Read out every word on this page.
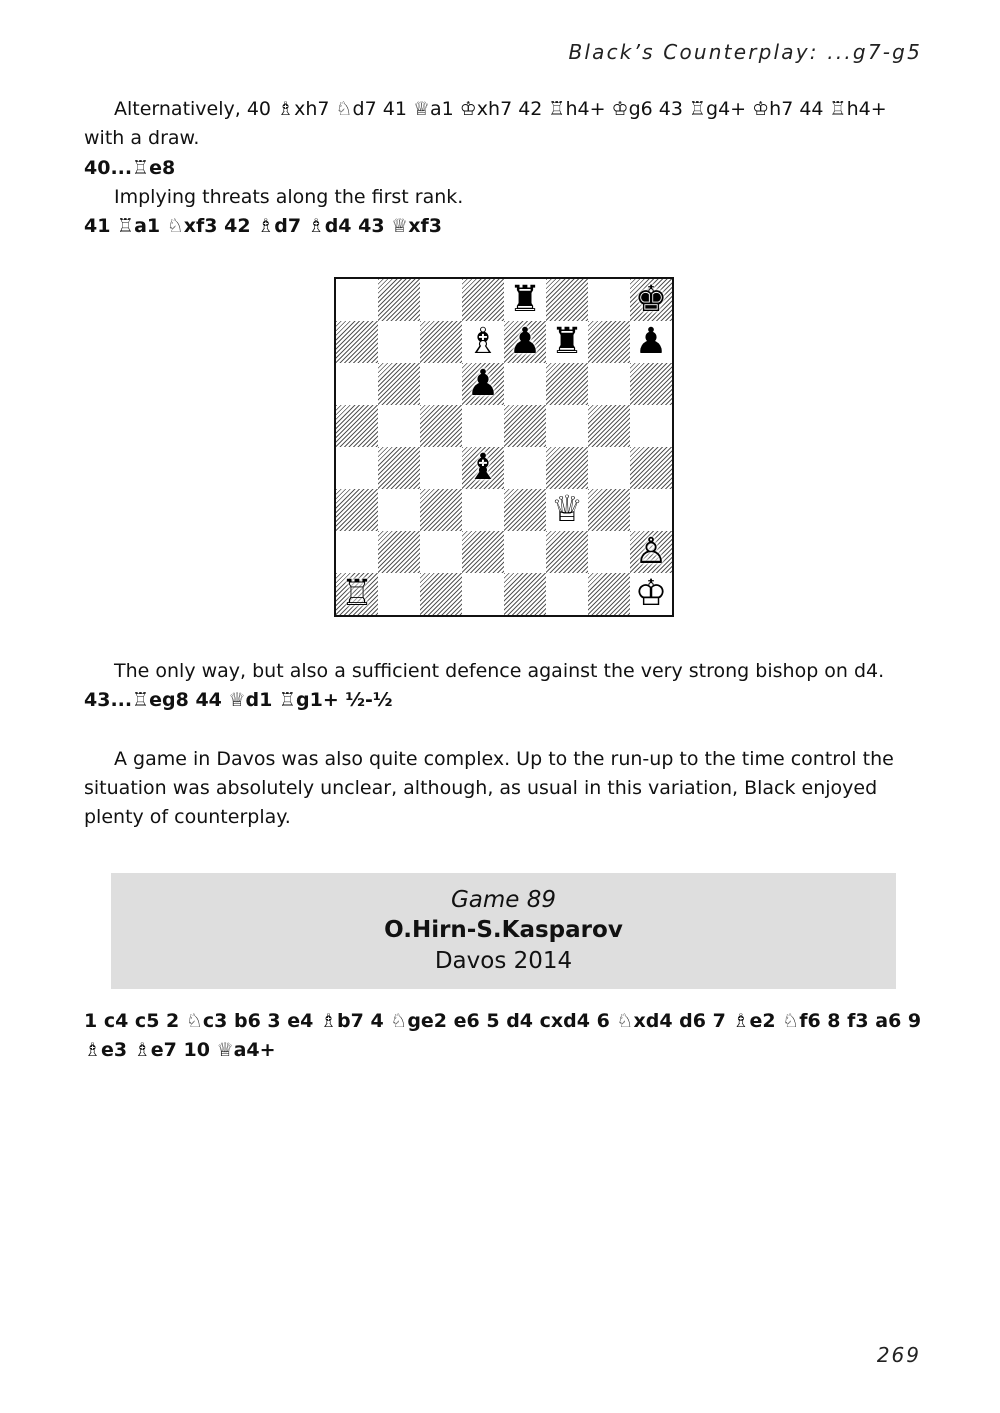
Black’s Counterplay: ...g7-g5

Alternatively, 40 ♗xh7 ♘d7 41 ♕a1 ♔xh7 42 ♖h4+ ♔g6 43 ♖g4+ ♔h7 44 ♖h4+ with a draw.

40...♖e8

Implying threats along the first rank.

41 ♖a1 ♘xf3 42 ♗d7 ♗d4 43 ♕xf3

♜	♚
♗ ♟ ♜ ♟
♟
♝
♕
♙
♖	♔

The only way, but also a sufficient defence against the very strong bishop on d4.

43...♖eg8 44 ♕d1 ♖g1+ ½-½

A game in Davos was also quite complex. Up to the run-up to the time control the situation was absolutely unclear, although, as usual in this variation, Black enjoyed plenty of counterplay.

Game 89
O.Hirn-S.Kasparov
Davos 2014

1 c4 c5 2 ♘c3 b6 3 e4 ♗b7 4 ♘ge2 e6 5 d4 cxd4 6 ♘xd4 d6 7 ♗e2 ♘f6 8 f3 a6 9 ♗e3 ♗e7 10 ♕a4+

269
